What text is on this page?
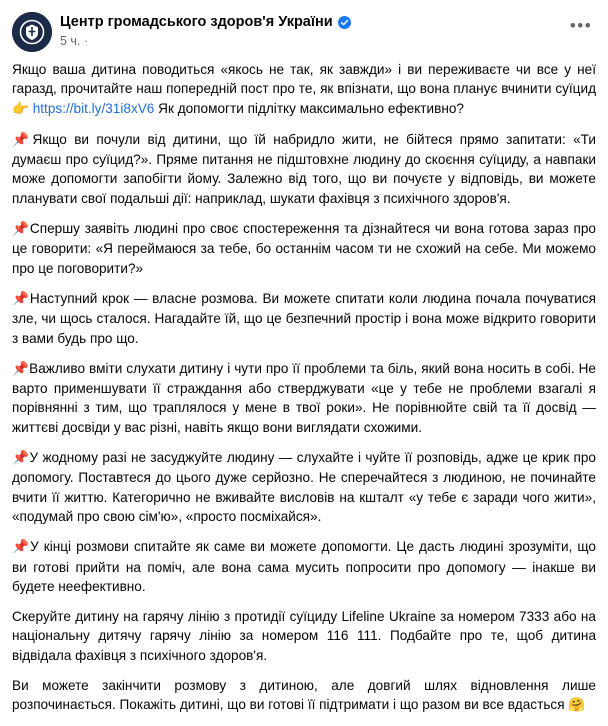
Центр громадського здоров'я України
5 ч. ·
•••

Якщо ваша дитина поводиться «якось не так, як завжди» і ви переживаєте чи все у неї гаразд, прочитайте наш попередній пост про те, як впізнати, що вона планує вчинити суїцид 👉 https://bit.ly/31i8xV6 Як допомогти підлітку максимально ефективно?

📌Якщо ви почули від дитини, що їй набридло жити, не бійтеся прямо запитати: «Ти думаєш про суїцид?». Пряме питання не підштовхне людину до скоєння суїциду, а навпаки може допомогти запобігти йому. Залежно від того, що ви почуєте у відповідь, ви можете планувати свої подальші дії: наприклад, шукати фахівця з психічного здоров'я.

📌Спершу заявіть людині про своє спостереження та дізнайтеся чи вона готова зараз про це говорити: «Я переймаюся за тебе, бо останнім часом ти не схожий на себе. Ми можемо про це поговорити?»

📌Наступний крок — власне розмова. Ви можете спитати коли людина почала почуватися зле, чи щось сталося. Нагадайте їй, що це безпечний простір і вона може відкрито говорити з вами будь про що.

📌Важливо вміти слухати дитину і чути про її проблеми та біль, який вона носить в собі. Не варто применшувати її страждання або стверджувати «це у тебе не проблеми взагалі я порівнянні з тим, що траплялося у мене в твої роки». Не порівнюйте свій та її досвід — життєві досвіди у вас різні, навіть якщо вони виглядати схожими.

📌У жодному разі не засуджуйте людину — слухайте і чуйте її розповідь, адже це крик про допомогу. Поставтеся до цього дуже серйозно. Не сперечайтеся з людиною, не починайте вчити її життю. Категорично не вживайте висловів на кшталт «у тебе є заради чого жити», «подумай про свою сім'ю», «просто посміхайся».

📌У кінці розмови спитайте як саме ви можете допомогти. Це дасть людині зрозуміти, що ви готові прийти на поміч, але вона сама мусить попросити про допомогу — інакше ви будете неефективно.

Скеруйте дитину на гарячу лінію з протидії суїциду Lifeline Ukraine за номером 7333 або на національну дитячу гарячу лінію за номером 116 111. Подбайте про те, щоб дитина відвідала фахівця з психічного здоров'я.

Ви можете закінчити розмову з дитиною, але довгий шлях відновлення лише розпочинається. Покажіть дитині, що ви готові її підтримати і що разом ви все вдасться 🤗
